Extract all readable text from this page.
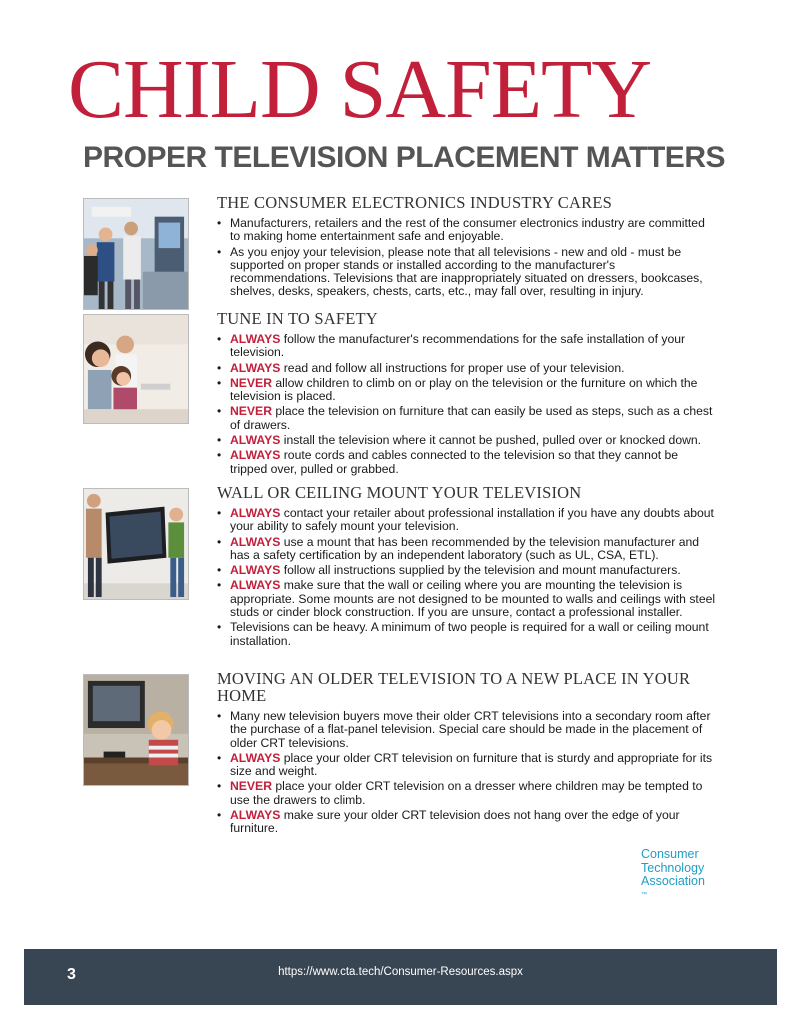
CHILD SAFETY
PROPER TELEVISION PLACEMENT MATTERS
THE CONSUMER ELECTRONICS INDUSTRY CARES
• Manufacturers, retailers and the rest of the consumer electronics industry are committed to making home entertainment safe and enjoyable.
• As you enjoy your television, please note that all televisions - new and old - must be supported on proper stands or installed according to the manufacturer's recommendations. Televisions that are inappropriately situated on dressers, bookcases, shelves, desks, speakers, chests, carts, etc., may fall over, resulting in injury.
TUNE IN TO SAFETY
• ALWAYS follow the manufacturer's recommendations for the safe installation of your television.
• ALWAYS read and follow all instructions for proper use of your television.
• NEVER allow children to climb on or play on the television or the furniture on which the television is placed.
• NEVER place the television on furniture that can easily be used as steps, such as a chest of drawers.
• ALWAYS install the television where it cannot be pushed, pulled over or knocked down.
• ALWAYS route cords and cables connected to the television so that they cannot be tripped over, pulled or grabbed.
WALL OR CEILING MOUNT YOUR TELEVISION
• ALWAYS contact your retailer about professional installation if you have any doubts about your ability to safely mount your television.
• ALWAYS use a mount that has been recommended by the television manufacturer and has a safety certification by an independent laboratory (such as UL, CSA, ETL).
• ALWAYS follow all instructions supplied by the television and mount manufacturers.
• ALWAYS make sure that the wall or ceiling where you are mounting the television is appropriate. Some mounts are not designed to be mounted to walls and ceilings with steel studs or cinder block construction. If you are unsure, contact a professional installer.
• Televisions can be heavy. A minimum of two people is required for a wall or ceiling mount installation.
MOVING AN OLDER TELEVISION TO A NEW PLACE IN YOUR HOME
• Many new television buyers move their older CRT televisions into a secondary room after the purchase of a flat-panel television. Special care should be made in the placement of older CRT televisions.
• ALWAYS place your older CRT television on furniture that is sturdy and appropriate for its size and weight.
• NEVER place your older CRT television on a dresser where children may be tempted to use the drawers to climb.
• ALWAYS make sure your older CRT television does not hang over the edge of your furniture.
Consumer
Technology
Association
™
3	https://www.cta.tech/Consumer-Resources.aspx
